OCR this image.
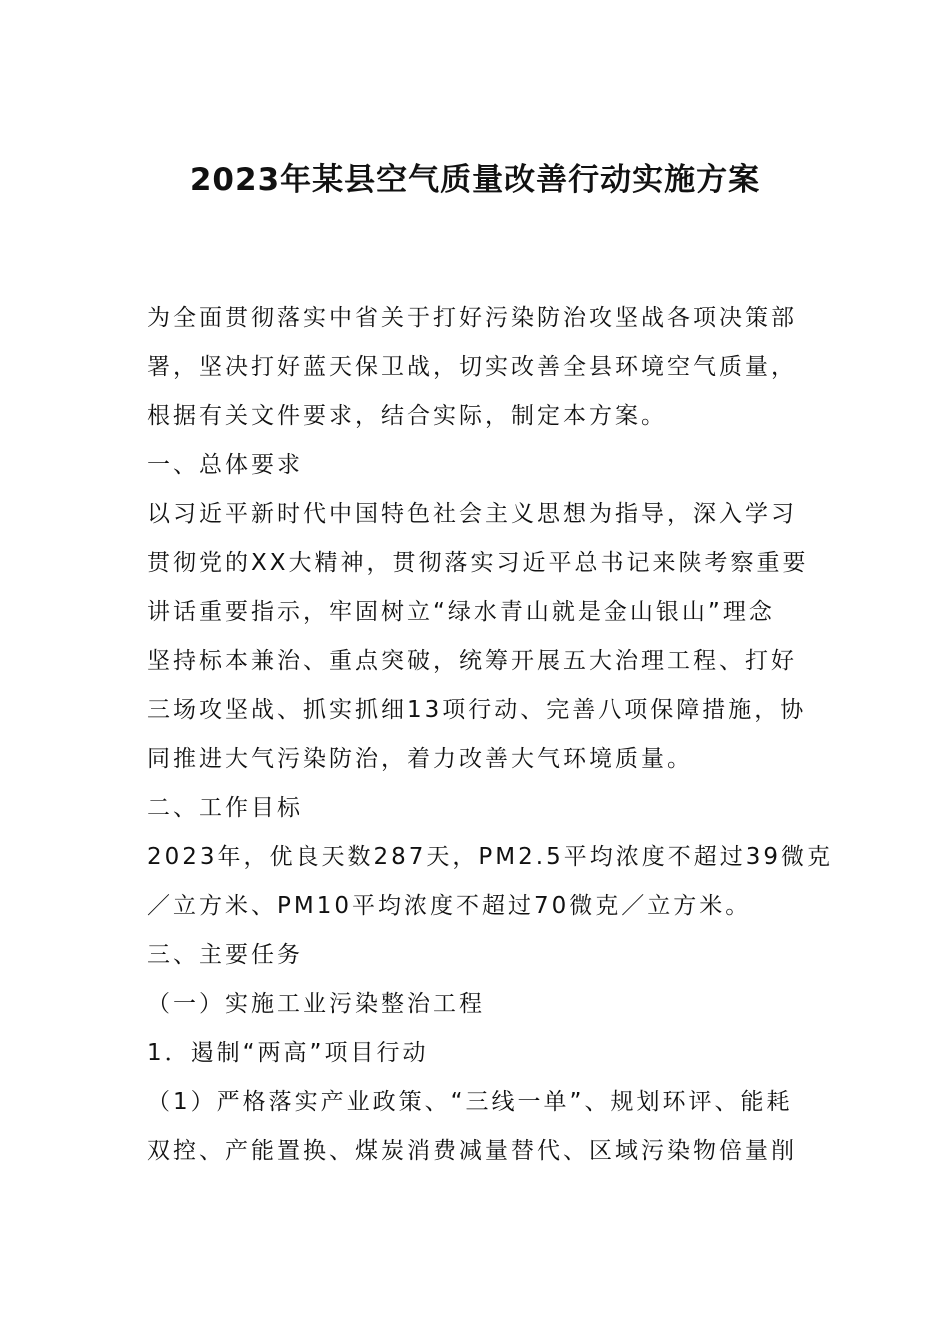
2023年某县空气质量改善行动实施方案

为全面贯彻落实中省关于打好污染防治攻坚战各项决策部

署，坚决打好蓝天保卫战，切实改善全县环境空气质量，

根据有关文件要求，结合实际，制定本方案。

一、总体要求

以习近平新时代中国特色社会主义思想为指导，深入学习

贯彻党的XX大精神，贯彻落实习近平总书记来陕考察重要

讲话重要指示，牢固树立“绿水青山就是金山银山”理念

坚持标本兼治、重点突破，统筹开展五大治理工程、打好

三场攻坚战、抓实抓细13项行动、完善八项保障措施，协

同推进大气污染防治，着力改善大气环境质量。

二、工作目标

2023年，优良天数287天，PM2.5平均浓度不超过39微克

／立方米、PM10平均浓度不超过70微克／立方米。

三、主要任务

（一）实施工业污染整治工程

1．遏制“两高”项目行动

（1）严格落实产业政策、“三线一单”、规划环评、能耗

双控、产能置换、煤炭消费减量替代、区域污染物倍量削
